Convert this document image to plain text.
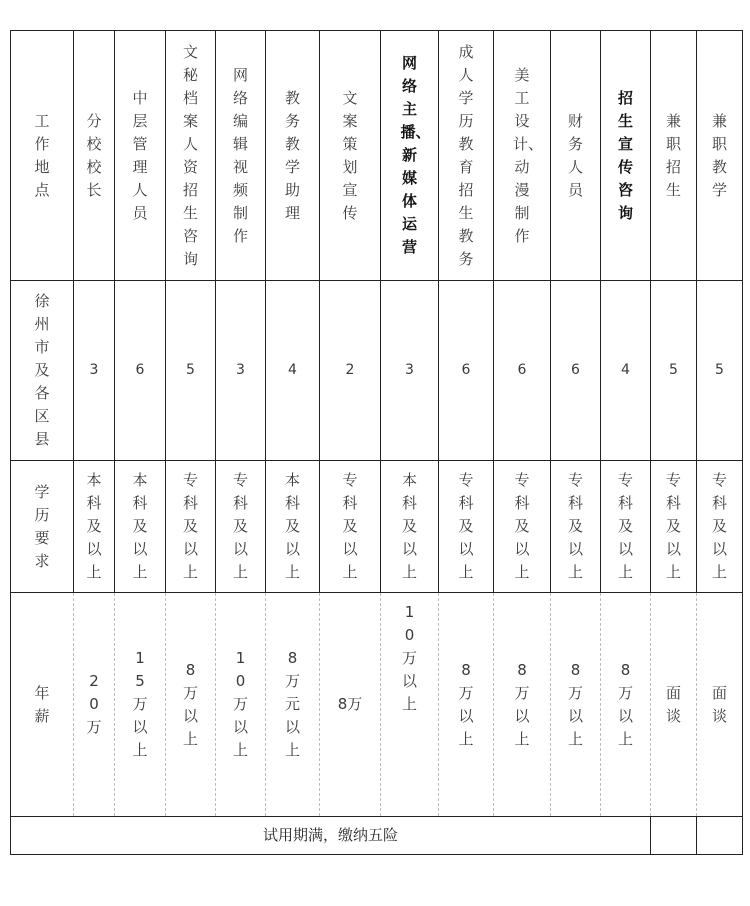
工作地点	分校校长	中层管理人员	文秘档案人资招生咨询	网络编辑视频制作	教务教学助理	文案策划宣传	网络主播、新媒体运营	成人学历教育招生教务	美工设计、动漫制作	财务人员	招生宣传咨询	兼职招生	兼职教学
徐州市及各区县	3	6	5	3	4	2	3	6	6	6	4	5	5
学历要求	本科及以上	本科及以上	专科及以上	专科及以上	本科及以上	专科及以上	本科及以上	专科及以上	专科及以上	专科及以上	专科及以上	专科及以上	专科及以上
年薪	20万	15万以上	8万以上	10万以上	8万元以上	8万	10万以上	8万以上	8万以上	8万以上	8万以上	面谈	面谈
试用期满，缴纳五险													
